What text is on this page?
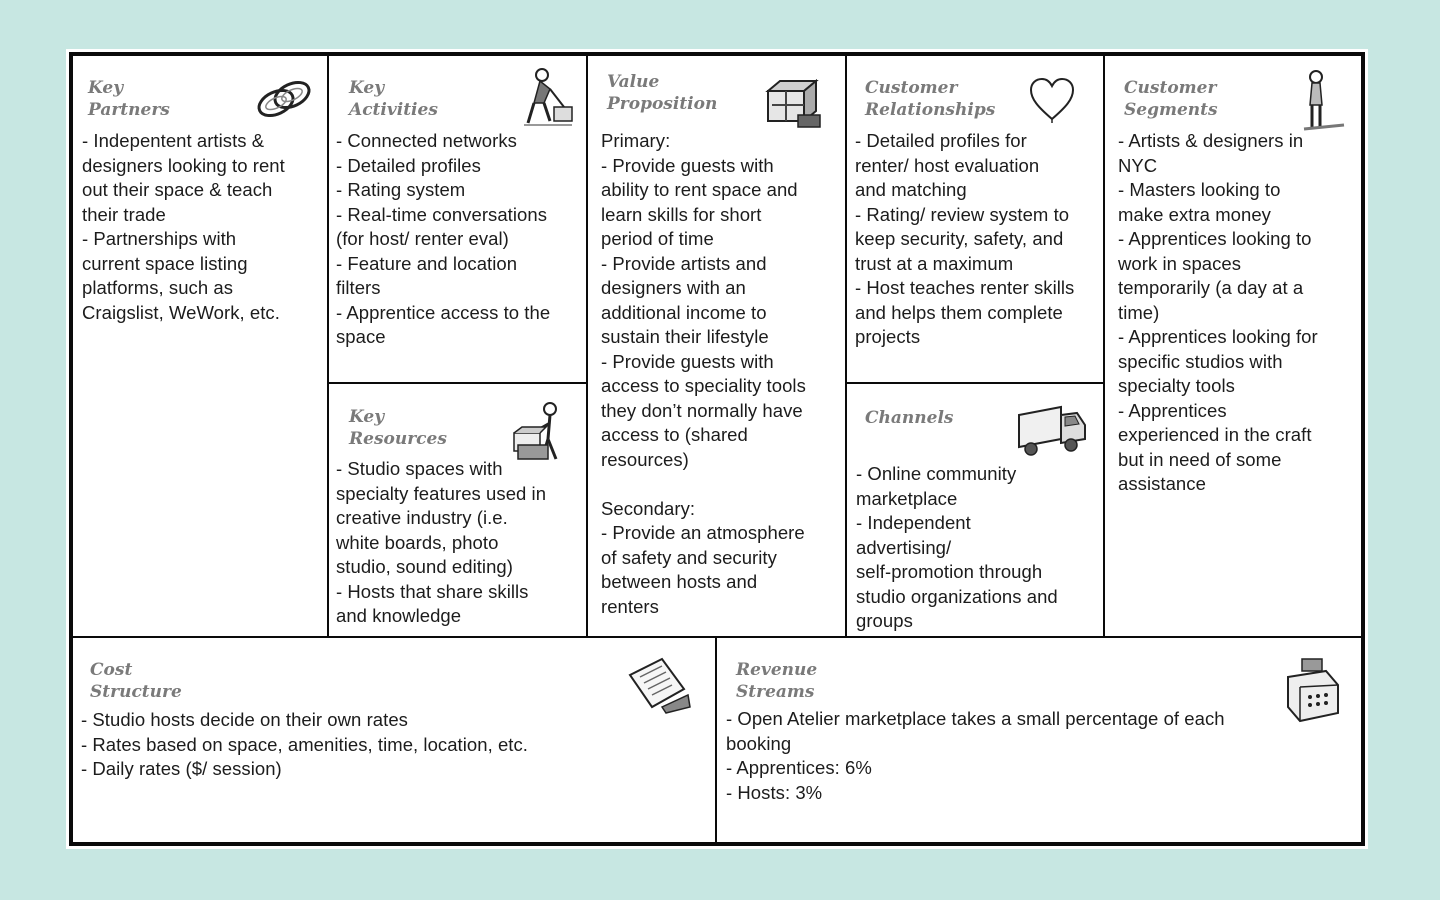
Key
Partners

- Indepentent artists &
designers looking to rent
out their space & teach
their trade
- Partnerships with
current space listing
platforms, such as
Craigslist, WeWork, etc.

Key
Activities

- Connected networks
- Detailed profiles
- Rating system
- Real-time conversations
(for host/ renter eval)
- Feature and location
filters
- Apprentice access to the
space

Key
Resources

- Studio spaces with
specialty features used in
creative industry (i.e.
white boards, photo
studio, sound editing)
- Hosts that share skills
and knowledge

Value
Proposition

Primary:
- Provide guests with
ability to rent space and
learn skills for short
period of time
- Provide artists and
designers with an
additional income to
sustain their lifestyle
- Provide guests with
access to speciality tools
they don’t normally have
access to (shared
resources)

Secondary:
- Provide an atmosphere
of safety and security
between hosts and
renters

Customer
Relationships

- Detailed profiles for
renter/ host evaluation
and matching
- Rating/ review system to
keep security, safety, and
trust at a maximum
- Host teaches renter skills
and helps them complete
projects

Channels

- Online community
marketplace
- Independent
advertising/
self-promotion through
studio organizations and
groups

Customer
Segments

- Artists & designers in
NYC
- Masters looking to
make extra money
- Apprentices looking to
work in spaces
temporarily (a day at a
time)
- Apprentices looking for
specific studios with
specialty tools
- Apprentices
experienced in the craft
but in need of some
assistance

Cost
Structure

- Studio hosts decide on their own rates
- Rates based on space, amenities, time, location, etc.
- Daily rates ($/ session)

Revenue
Streams

- Open Atelier marketplace takes a small percentage of each
booking
- Apprentices: 6%
- Hosts: 3%
